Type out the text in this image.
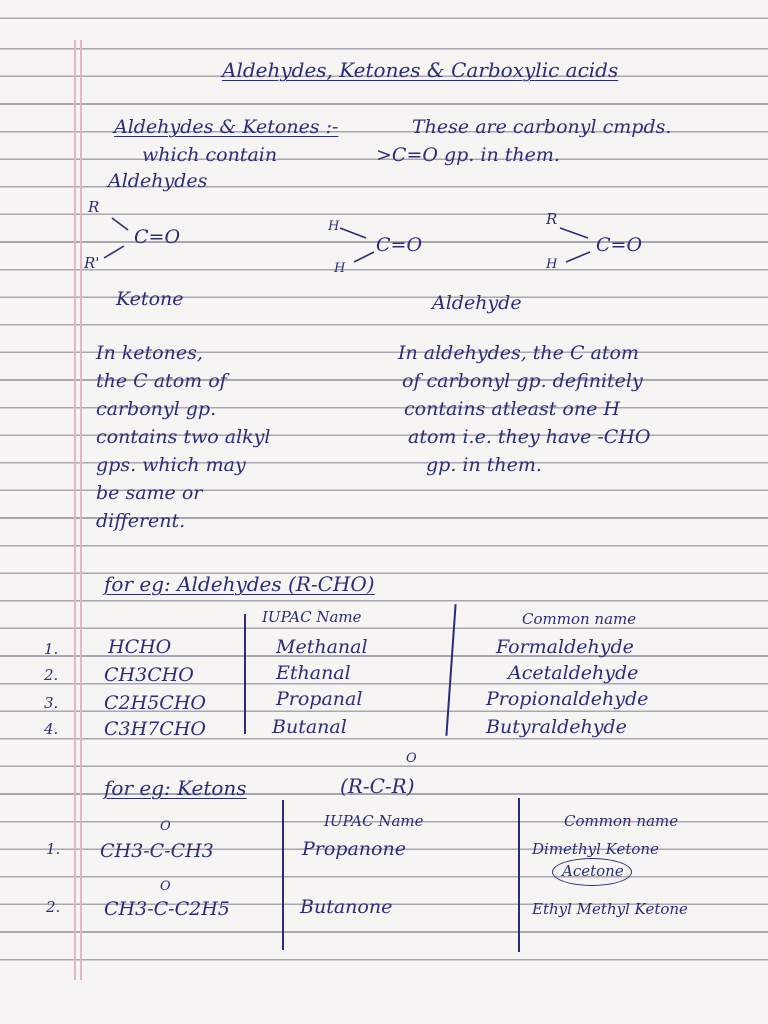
Aldehydes, Ketones & Carboxylic acids
Aldehydes & Ketones :-	These are carbonyl cmpds.
which contain	>C=O gp. in them.
Aldehydes
R
R'
C=O	H
H
C=O
R
H
C=O
Ketone	Aldehyde
In ketones,
the C atom of
carbonyl gp.
contains two alkyl
gps. which may
be same or
different.
In aldehydes, the C atom
of carbonyl gp. definitely
contains atleast one H
atom i.e. they have -CHO
gp. in them.
for eg: Aldehydes (R-CHO)
IUPAC Name	Common name
1.	HCHO	Methanal	Formaldehyde
2. CH3CHO	Ethanal	Acetaldehyde
3. C2H5CHO	Propanal	Propionaldehyde
4. C3H7CHO	Butanal	Butyraldehyde
for eg: Ketons
O
(R-C-R)
IUPAC Name	Common name
1.
O
CH3-C-CH3	Propanone	Dimethyl Ketone
Acetone
2.
O
CH3-C-C2H5	Butanone	Ethyl Methyl Ketone
